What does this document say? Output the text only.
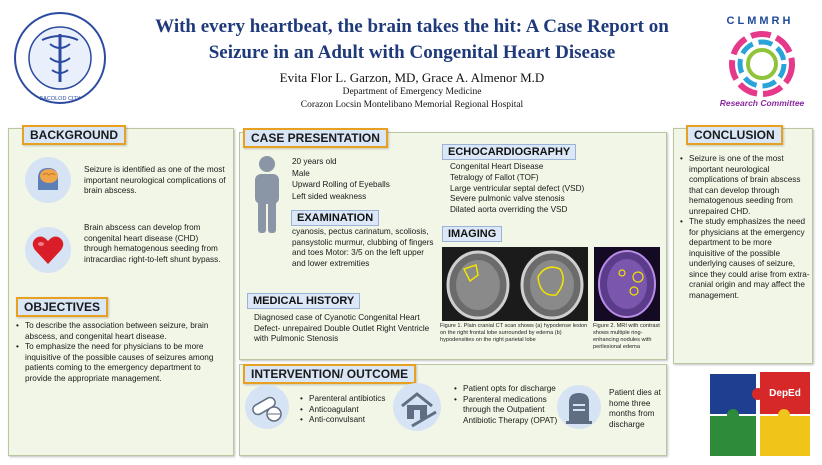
BACOLOD CITY
With every heartbeat, the brain takes the hit: A Case Report on
Seizure in an Adult with Congenital Heart Disease
Evita Flor L. Garzon, MD, Grace A. Almenor M.D
Department of Emergency Medicine
Corazon Locsin Montelibano Memorial Regional Hospital
CLMMRH
Research Committee
BACKGROUND
Seizure is identified as one of the most important neurological complications of brain abscess.
Brain abscess can develop from congenital heart disease (CHD) through hematogenous seeding from intracardiac right-to-left shunt bypass.
OBJECTIVES
• To describe the association between seizure, brain abscess, and congenital heart disease.
• To emphasize the need for physicians to be more inquisitive of the possible causes of seizures among patients coming to the emergency department to provide the appropriate management.
CASE PRESENTATION
20 years old
Male
Upward Rolling of Eyeballs
Left sided weakness
EXAMINATION
cyanosis, pectus carinatum, scoliosis, pansystolic murmur, clubbing of fingers and toes Motor: 3/5 on the left upper and lower extremities
MEDICAL HISTORY
Diagnosed case of Cyanotic Congenital Heart Defect- unrepaired Double Outlet Right Ventricle with Pulmonic Stenosis
ECHOCARDIOGRAPHY
Congenital Heart Disease
Tetralogy of Fallot (TOF)
Large ventricular septal defect (VSD)
Severe pulmonic valve stenosis
Dilated aorta overriding the VSD
IMAGING
Figure 1. Plain cranial CT scan shows (a) hypodense lesion on the right frontal lobe surrounded by edema (b) hypodensities on the right parietal lobe
Figure 2. MRI with contrast shows multiple ring-enhancing nodules with perilesional edema
INTERVENTION/ OUTCOME
• Parenteral antibiotics
• Anticoagulant
• Anti-convulsant
• Patient opts for discharge
• Parenteral medications through the Outpatient Antibiotic Therapy (OPAT)
Patient dies at home three months from discharge
CONCLUSION
• Seizure is one of the most important neurological complications of brain abscess that can develop through hematogenous seeding from unrepaired CHD.
• The study emphasizes the need for physicians at the emergency department to be more inquisitive of the possible underlying causes of seizure, since they could arise from extra-cranial origin and may affect the management.
DepEd
